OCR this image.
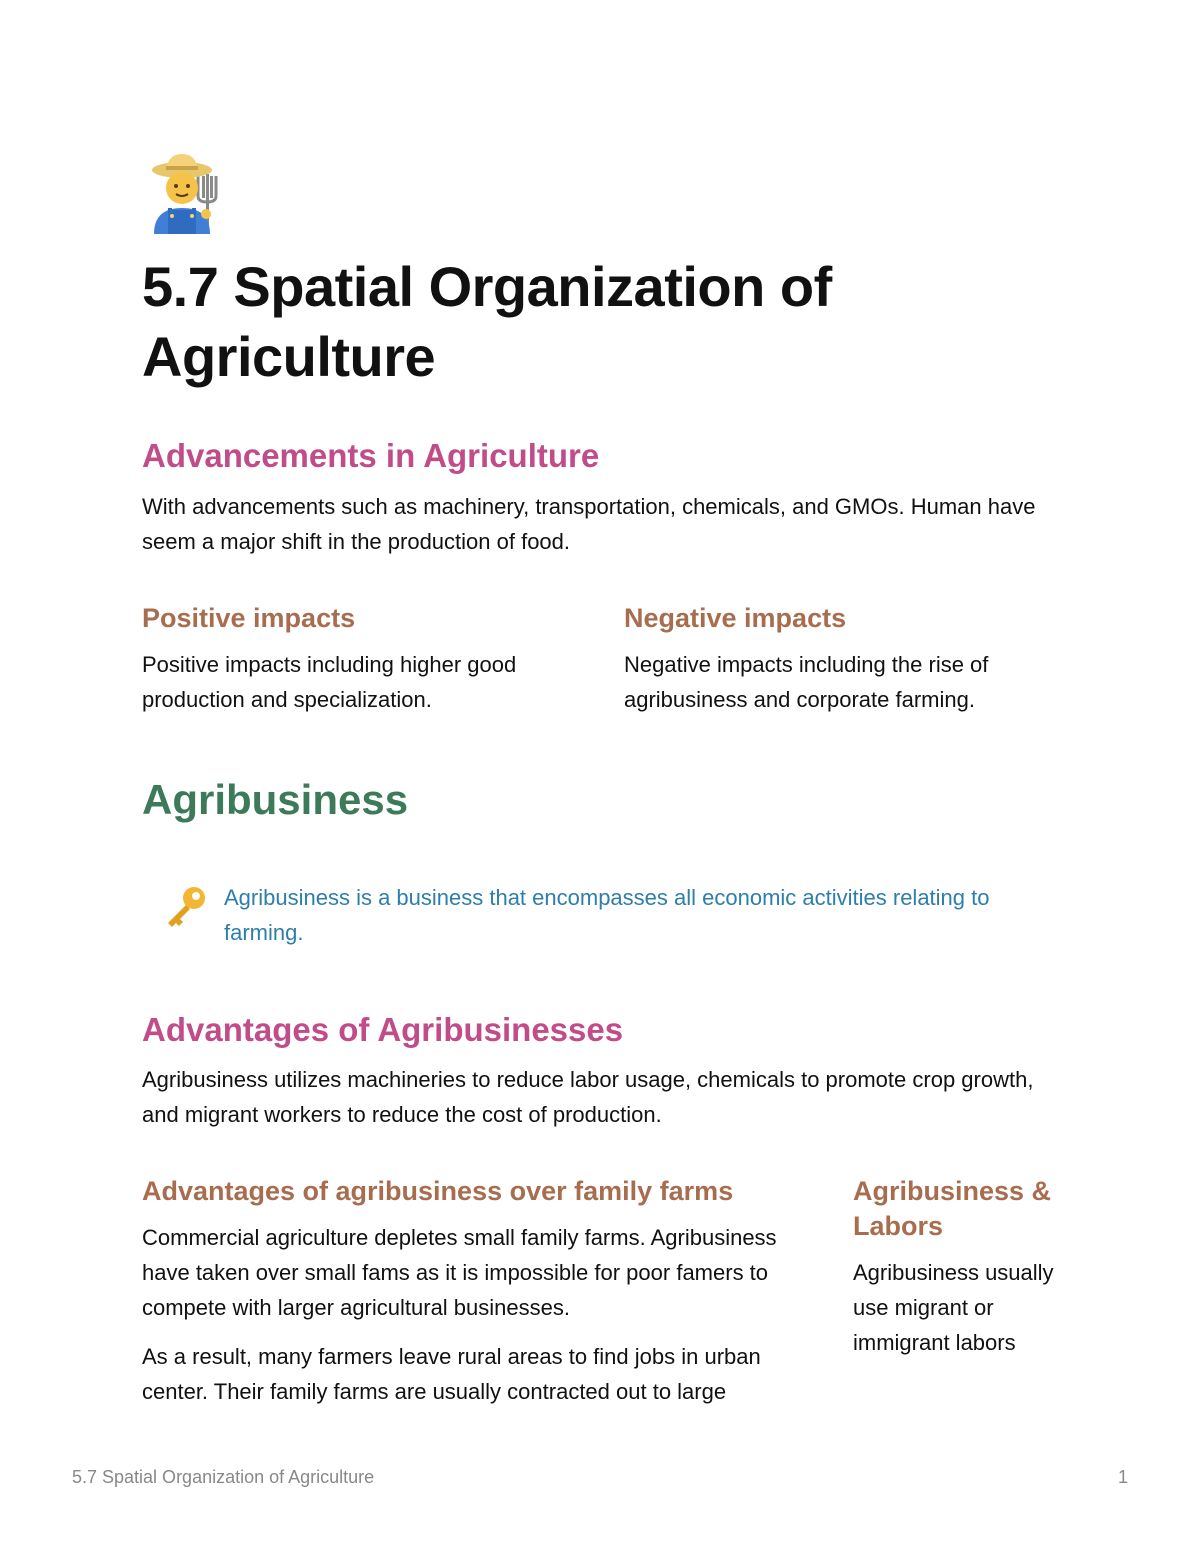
5.7 Spatial Organization of Agriculture
Advancements in Agriculture

With advancements such as machinery, transportation, chemicals, and GMOs. Human have seem a major shift in the production of food.

Positive impacts

Positive impacts including higher good production and specialization.

Negative impacts

Negative impacts including the rise of agribusiness and corporate farming.

Agribusiness

Agribusiness is a business that encompasses all economic activities relating to farming.

Advantages of Agribusinesses

Agribusiness utilizes machineries to reduce labor usage, chemicals to promote crop growth, and migrant workers to reduce the cost of production.

Advantages of agribusiness over family farms

Commercial agriculture depletes small family farms. Agribusiness have taken over small fams as it is impossible for poor famers to compete with larger agricultural businesses.

As a result, many farmers leave rural areas to find jobs in urban center. Their family farms are usually contracted out to large

Agribusiness & Labors

Agribusiness usually use migrant or immigrant labors

5.7 Spatial Organization of Agriculture	1
